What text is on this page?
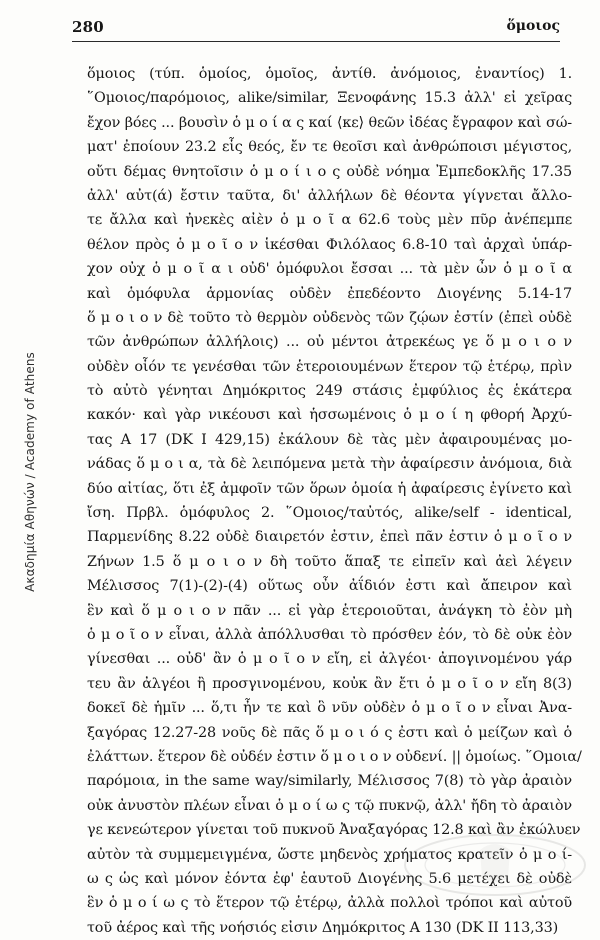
Ακαδημία Αθηνών / Academy of Athens
280	ὅμοιος
ὅμοιος (τύπ. ὁμοίος, ὁμοῖος, ἀντίθ. ἀνόμοιος, ἐναντίος) 1.
῞Ομοιος/παρόμοιος, alike/similar, Ξενοφάνης 15.3 ἀλλ' εἰ χεῖρας
ἔχον βόες ... βουσὶν ὁ μ ο ί α ς καί ⟨κε⟩ θεῶν ἰδέας ἔγραφον καὶ σώ-
ματ' ἐποίουν 23.2 εἷς θεός, ἔν τε θεοῖσι καὶ ἀνθρώποισι μέγιστος,
οὔτι δέμας θνητοῖσιν ὁ μ ο ί ι ο ς οὐδὲ νόημα Ἐμπεδοκλῆς 17.35
ἀλλ' αὐτ(ά) ἔστιν ταῦτα, δι' ἀλλήλων δὲ θέοντα γίγνεται ἄλλο-
τε ἄλλα καὶ ἠνεκὲς αἰὲν ὁ μ ο ῖ α 62.6 τοὺς μὲν πῦρ ἀνέπεμπε
θέλον πρὸς ὁ μ ο ῖ ο ν ἱκέσθαι Φιλόλαος 6.8-10 ταὶ ἀρχαὶ ὑπάρ-
χον οὐχ ὁ μ ο ῖ α ι οὐδ' ὁμόφυλοι ἔσσαι ... τὰ μὲν ὦν ὁ μ ο ῖ α
καὶ ὁμόφυλα ἁρμονίας οὐδὲν ἐπεδέοντο Διογένης 5.14-17
ὅ μ ο ι ο ν δὲ τοῦτο τὸ θερμὸν οὐδενὸς τῶν ζῴων ἐστίν (ἐπεὶ οὐδὲ
τῶν ἀνθρώπων ἀλλήλοις) ... οὐ μέντοι ἀτρεκέως γε ὅ μ ο ι ο ν
οὐδὲν οἷόν τε γενέσθαι τῶν ἑτεροιουμένων ἕτερον τῷ ἑτέρῳ, πρὶν
τὸ αὐτὸ γένηται Δημόκριτος 249 στάσις ἐμφύλιος ἐς ἑκάτερα
κακόν· καὶ γὰρ νικέουσι καὶ ἡσσωμένοις ὁ μ ο ί η φθορή Ἀρχύ-
τας Α 17 (DK I 429,15) ἐκάλουν δὲ τὰς μὲν ἀφαιρουμένας μο-
νάδας ὅ μ ο ι α, τὰ δὲ λειπόμενα μετὰ τὴν ἀφαίρεσιν ἀνόμοια, διὰ
δύο αἰτίας, ὅτι ἐξ ἀμφοῖν τῶν ὅρων ὁμοία ἡ ἀφαίρεσις ἐγίνετο καὶ
ἴση. Πρβλ. ὁμόφυλος 2. ῞Ομοιος/ταὐτός, alike/self - identical,
Παρμενίδης 8.22 οὐδὲ διαιρετόν ἐστιν, ἐπεὶ πᾶν ἐστιν ὁ μ ο ῖ ο ν
Ζήνων 1.5 ὅ μ ο ι ο ν δὴ τοῦτο ἅπαξ τε εἰπεῖν καὶ ἀεὶ λέγειν
Μέλισσος 7(1)-(2)-(4) οὕτως οὖν ἀΐδιόν ἐστι καὶ ἄπειρον καὶ
ἓν καὶ ὅ μ ο ι ο ν πᾶν ... εἰ γὰρ ἑτεροιοῦται, ἀνάγκη τὸ ἐὸν μὴ
ὁ μ ο ῖ ο ν εἶναι, ἀλλὰ ἀπόλλυσθαι τὸ πρόσθεν ἐόν, τὸ δὲ οὐκ ἐὸν
γίνεσθαι ... οὐδ' ἂν ὁ μ ο ῖ ο ν εἴη, εἰ ἀλγέοι· ἀπογινομένου γάρ
τευ ἂν ἀλγέοι ἢ προσγινομένου, κοὐκ ἂν ἔτι ὁ μ ο ῖ ο ν εἴη 8(3)
δοκεῖ δὲ ἡμῖν ... ὅ,τι ἦν τε καὶ ὃ νῦν οὐδὲν ὁ μ ο ῖ ο ν εἶναι Ἀνα-
ξαγόρας 12.27-28 νοῦς δὲ πᾶς ὅ μ ο ι ό ς ἐστι καὶ ὁ μείζων καὶ ὁ
ἐλάττων. ἕτερον δὲ οὐδέν ἐστιν ὅ μ ο ι ο ν οὐδενί. || ὁμοίως. ῞Ομοια/
παρόμοια, in the same way/similarly, Μέλισσος 7(8) τὸ γὰρ ἀραιὸν
οὐκ ἀνυστὸν πλέων εἶναι ὁ μ ο ί ω ς τῷ πυκνῷ, ἀλλ' ἤδη τὸ ἀραιὸν
γε κενεώτερον γίνεται τοῦ πυκνοῦ Ἀναξαγόρας 12.8 καὶ ἂν ἐκώλυεν
αὐτὸν τὰ συμμεμειγμένα, ὥστε μηδενὸς χρήματος κρατεῖν ὁ μ ο ί-
ω ς ὡς καὶ μόνον ἐόντα ἐφ' ἑαυτοῦ Διογένης 5.6 μετέχει δὲ οὐδὲ
ἓν ὁ μ ο ί ω ς τὸ ἕτερον τῷ ἑτέρῳ, ἀλλὰ πολλοὶ τρόποι καὶ αὐτοῦ
τοῦ ἀέρος καὶ τῆς νοήσιός εἰσιν Δημόκριτος Α 130 (DK II 113,33)
